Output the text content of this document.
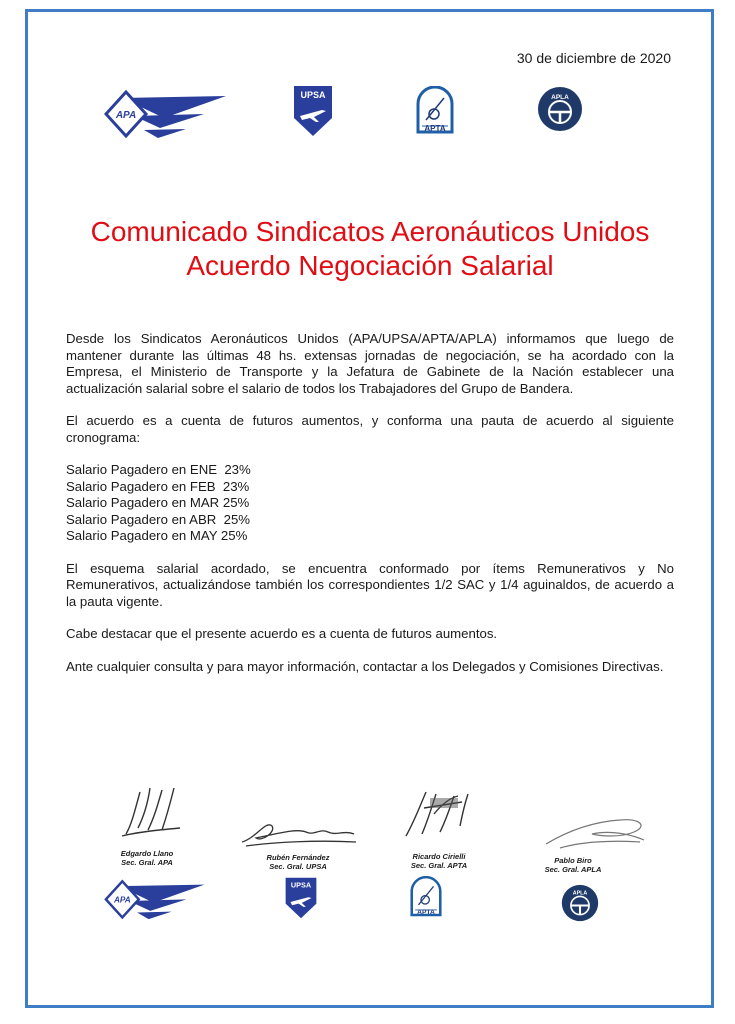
30 de diciembre de 2020
APA
UPSA
APTA
APLA
Comunicado Sindicatos Aeronáuticos Unidos
Acuerdo Negociación Salarial

Desde los Sindicatos Aeronáuticos Unidos (APA/UPSA/APTA/APLA) informamos que luego de mantener durante las últimas 48 hs. extensas jornadas de negociación, se ha acordado con la Empresa, el Ministerio de Transporte y la Jefatura de Gabinete de la Nación establecer una actualización salarial sobre el salario de todos los Trabajadores del Grupo de Bandera.

El acuerdo es a cuenta de futuros aumentos, y conforma una pauta de acuerdo al siguiente cronograma:

Salario Pagadero en ENE  23%
Salario Pagadero en FEB  23%
Salario Pagadero en MAR 25%
Salario Pagadero en ABR  25%
Salario Pagadero en MAY 25%

El esquema salarial acordado, se encuentra conformado por ítems Remunerativos y No Remunerativos, actualizándose también los correspondientes 1/2 SAC y 1/4 aguinaldos, de acuerdo a la pauta vigente.

Cabe destacar que el presente acuerdo es a cuenta de futuros aumentos.

Ante cualquier consulta y para mayor información, contactar a los Delegados y Comisiones Directivas.

Edgardo Llano
Sec. Gral. APA
Rubén Fernández
Sec. Gral. UPSA
Ricardo Cirielli
Sec. Gral. APTA
Pablo Biro
Sec. Gral. APLA
APA
UPSA
APTA
APLA
